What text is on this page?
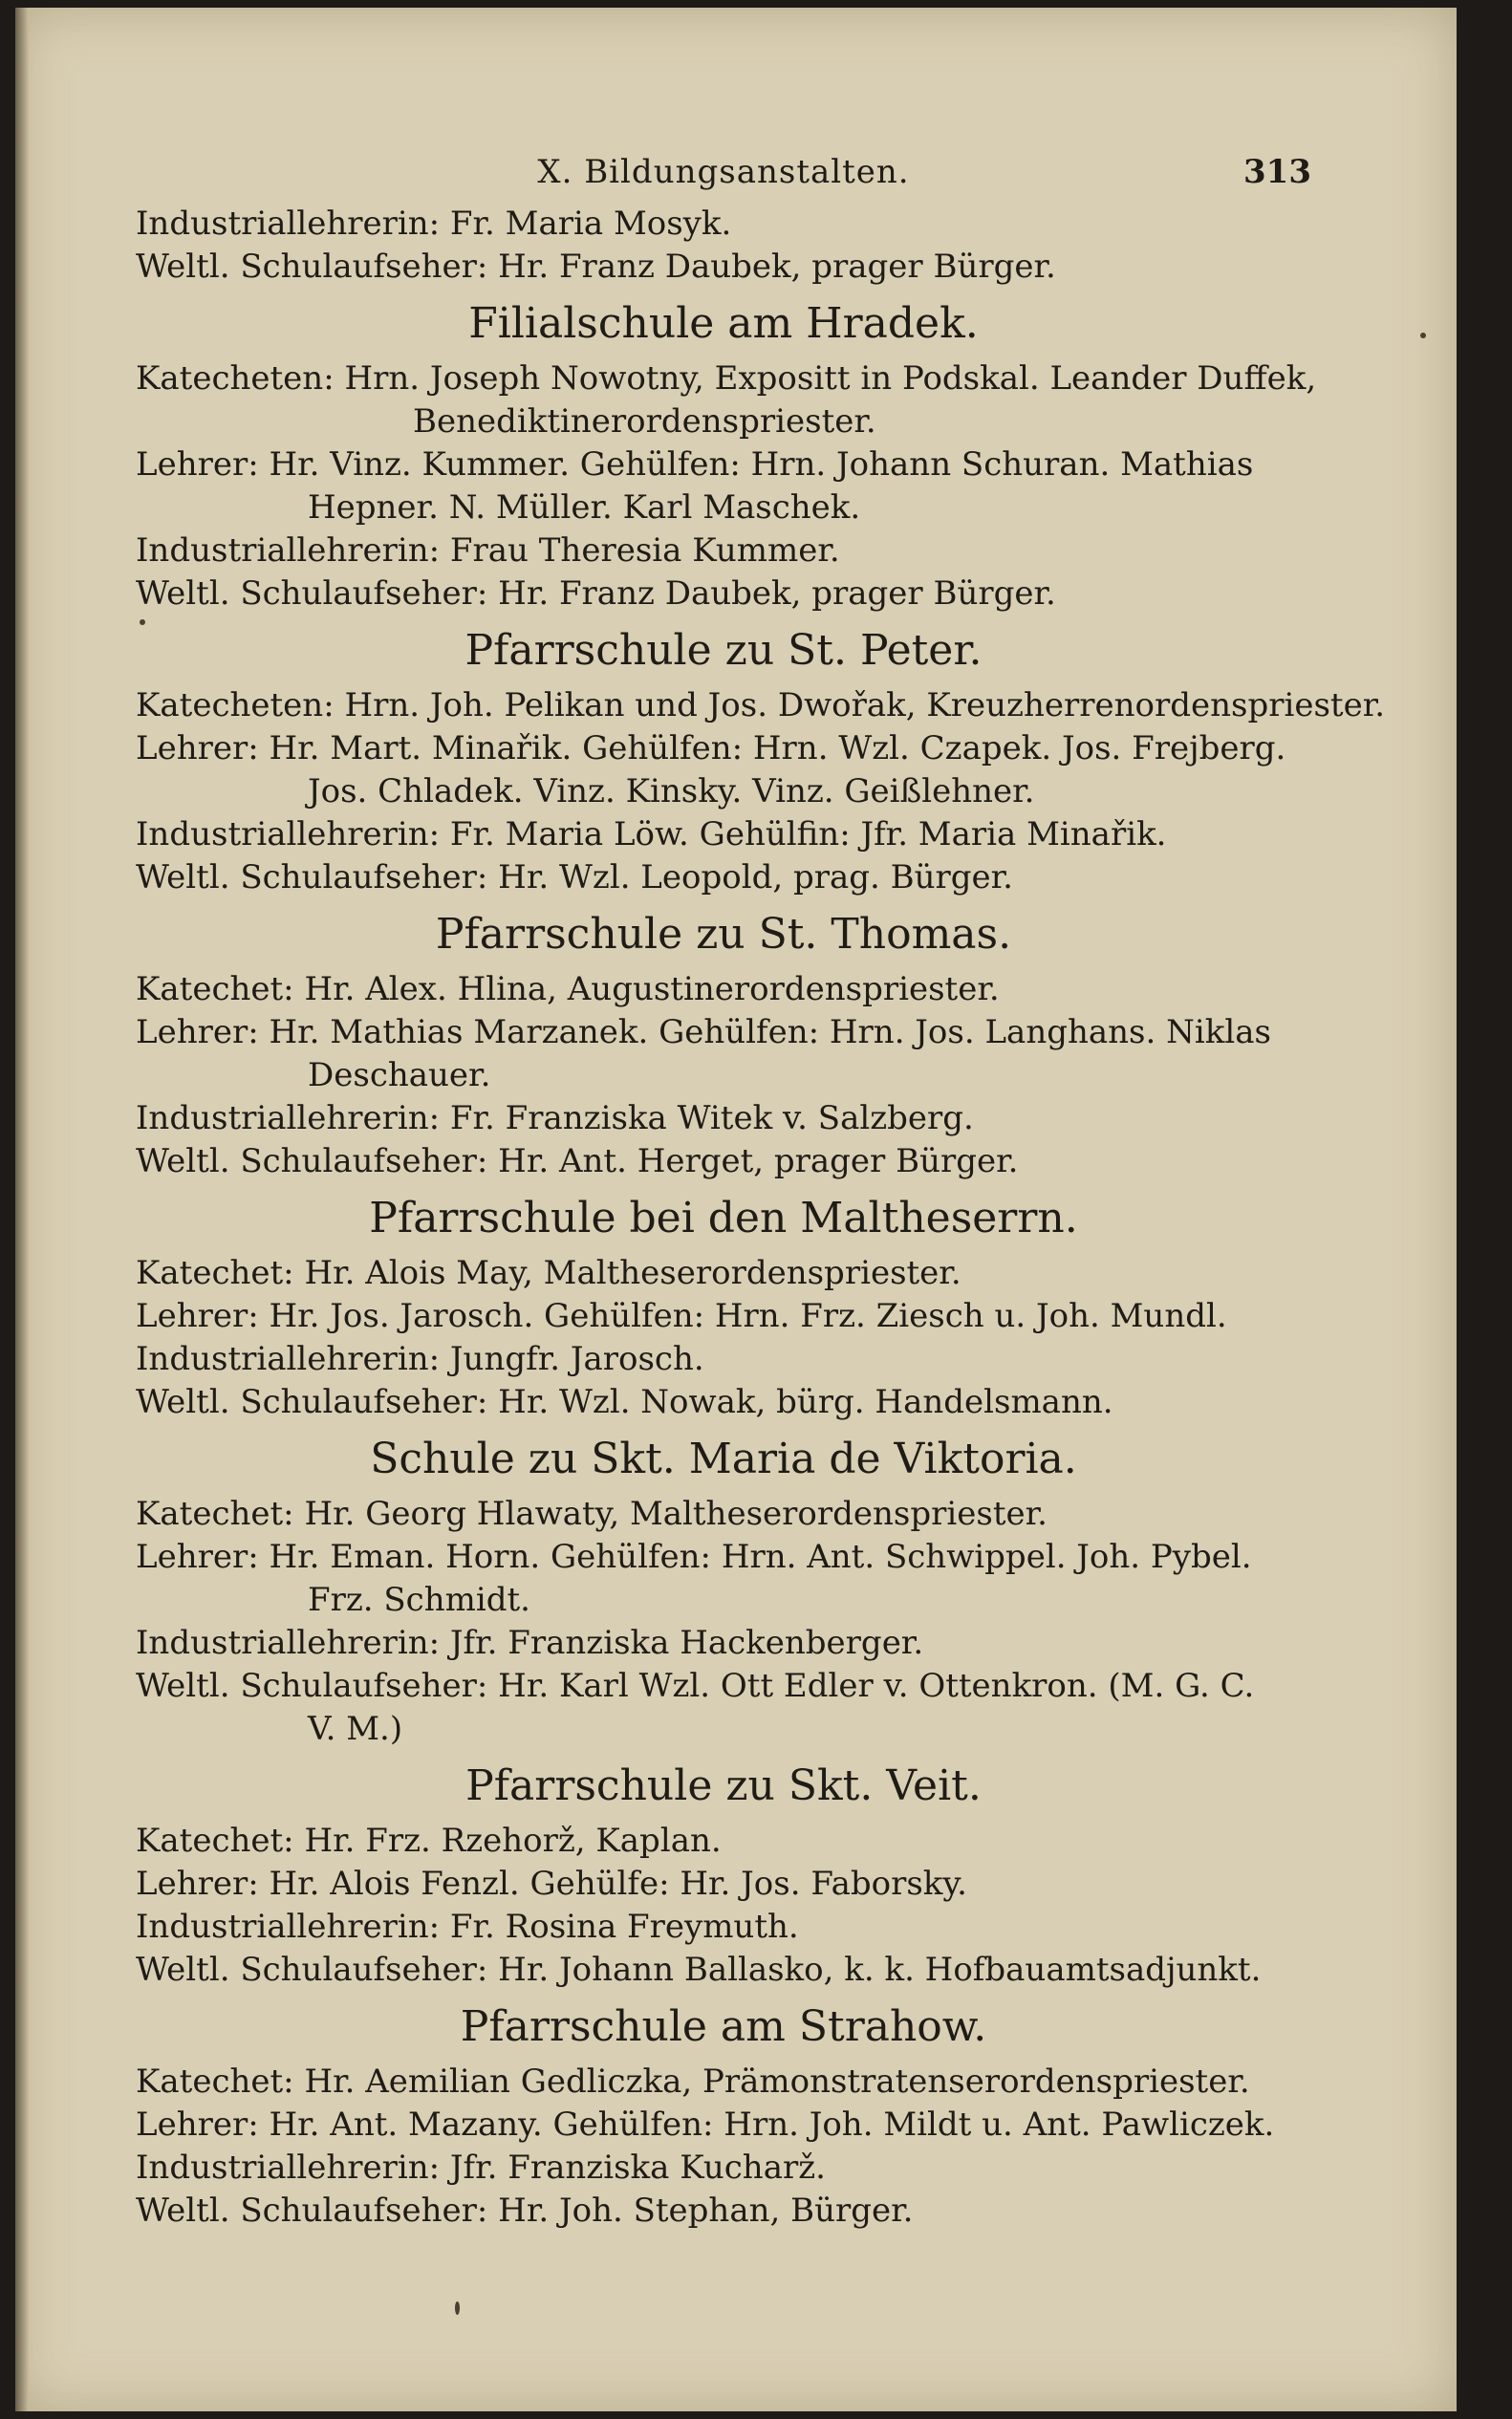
X. Bildungsanstalten.	313
Industriallehrerin: Fr. Maria Mosyk.
Weltl. Schulaufseher: Hr. Franz Daubek, prager Bürger.
Filialschule am Hradek.
Katecheten: Hrn. Joseph Nowotny, Expositt in Podskal. Leander Duffek,
Benediktinerordenspriester.
Lehrer: Hr. Vinz. Kummer. Gehülfen: Hrn. Johann Schuran. Mathias
Hepner. N. Müller. Karl Maschek.
Industriallehrerin: Frau Theresia Kummer.
Weltl. Schulaufseher: Hr. Franz Daubek, prager Bürger.
Pfarrschule zu St. Peter.
Katecheten: Hrn. Joh. Pelikan und Jos. Dwořak, Kreuzherrenordenspriester.
Lehrer: Hr. Mart. Minařik. Gehülfen: Hrn. Wzl. Czapek. Jos. Frejberg.
Jos. Chladek. Vinz. Kinsky. Vinz. Geißlehner.
Industriallehrerin: Fr. Maria Löw. Gehülfin: Jfr. Maria Minařik.
Weltl. Schulaufseher: Hr. Wzl. Leopold, prag. Bürger.
Pfarrschule zu St. Thomas.
Katechet: Hr. Alex. Hlina, Augustinerordenspriester.
Lehrer: Hr. Mathias Marzanek. Gehülfen: Hrn. Jos. Langhans. Niklas
Deschauer.
Industriallehrerin: Fr. Franziska Witek v. Salzberg.
Weltl. Schulaufseher: Hr. Ant. Herget, prager Bürger.
Pfarrschule bei den Maltheserrn.
Katechet: Hr. Alois May, Maltheserordenspriester.
Lehrer: Hr. Jos. Jarosch. Gehülfen: Hrn. Frz. Ziesch u. Joh. Mundl.
Industriallehrerin: Jungfr. Jarosch.
Weltl. Schulaufseher: Hr. Wzl. Nowak, bürg. Handelsmann.
Schule zu Skt. Maria de Viktoria.
Katechet: Hr. Georg Hlawaty, Maltheserordenspriester.
Lehrer: Hr. Eman. Horn. Gehülfen: Hrn. Ant. Schwippel. Joh. Pybel.
Frz. Schmidt.
Industriallehrerin: Jfr. Franziska Hackenberger.
Weltl. Schulaufseher: Hr. Karl Wzl. Ott Edler v. Ottenkron. (M. G. C.
V. M.)
Pfarrschule zu Skt. Veit.
Katechet: Hr. Frz. Rzehorž, Kaplan.
Lehrer: Hr. Alois Fenzl. Gehülfe: Hr. Jos. Faborsky.
Industriallehrerin: Fr. Rosina Freymuth.
Weltl. Schulaufseher: Hr. Johann Ballasko, k. k. Hofbauamtsadjunkt.
Pfarrschule am Strahow.
Katechet: Hr. Aemilian Gedliczka, Prämonstratenserordenspriester.
Lehrer: Hr. Ant. Mazany. Gehülfen: Hrn. Joh. Mildt u. Ant. Pawliczek.
Industriallehrerin: Jfr. Franziska Kucharž.
Weltl. Schulaufseher: Hr. Joh. Stephan, Bürger.
